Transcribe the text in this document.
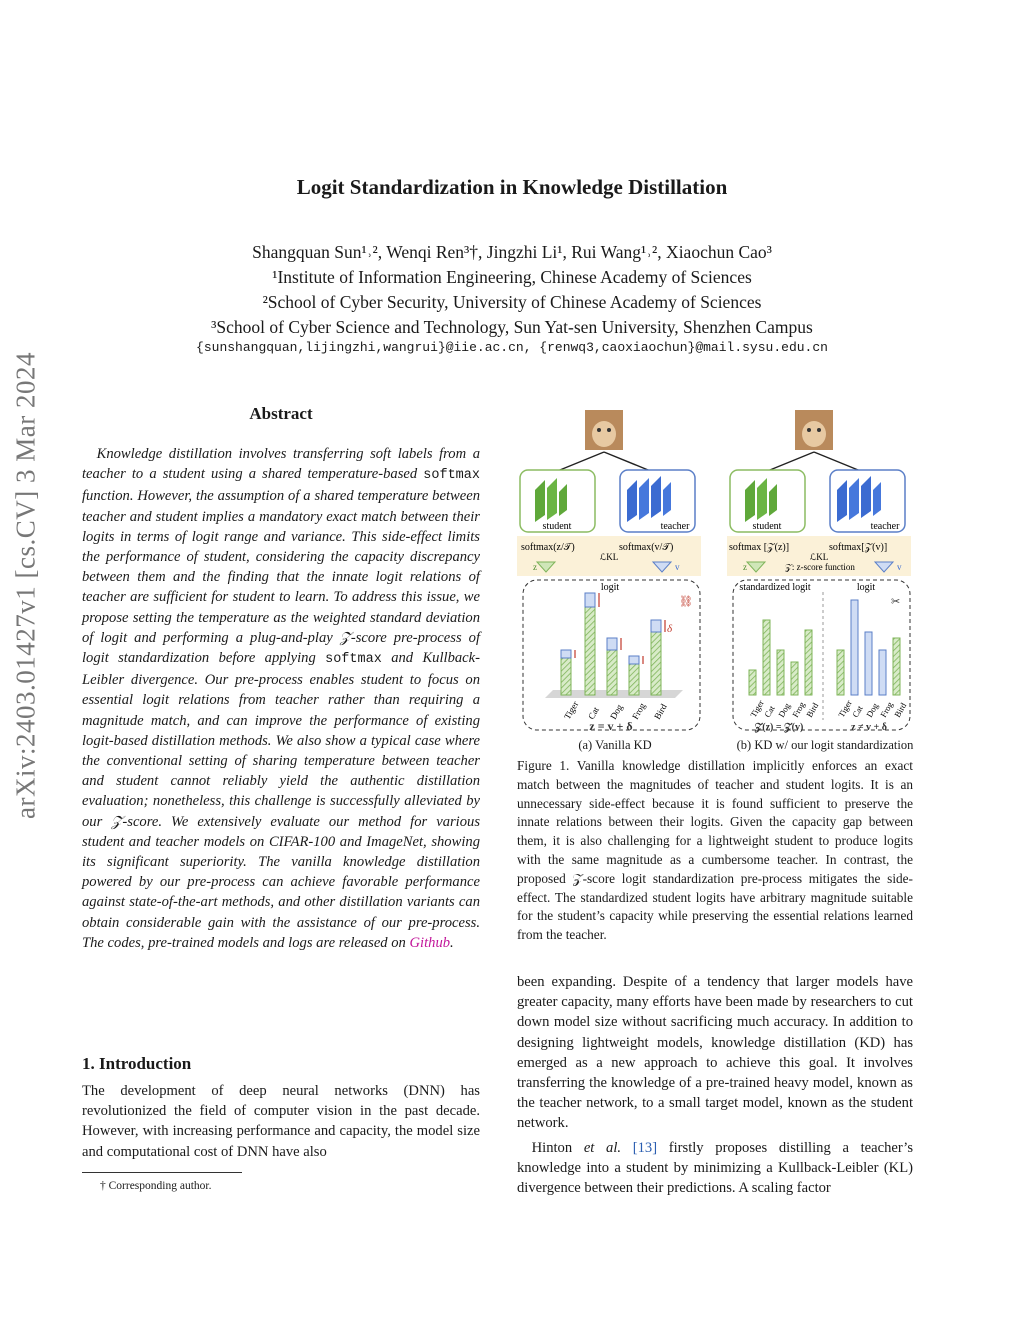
arXiv:2403.01427v1 [cs.CV] 3 Mar 2024
Logit Standardization in Knowledge Distillation
Shangquan Sun¹˒², Wenqi Ren³†, Jingzhi Li¹, Rui Wang¹˒², Xiaochun Cao³
¹Institute of Information Engineering, Chinese Academy of Sciences
²School of Cyber Security, University of Chinese Academy of Sciences
³School of Cyber Science and Technology, Sun Yat-sen University, Shenzhen Campus
{sunshangquan,lijingzhi,wangrui}@iie.ac.cn, {renwq3,caoxiaochun}@mail.sysu.edu.cn
Abstract
Knowledge distillation involves transferring soft labels from a teacher to a student using a shared temperature-based softmax function. However, the assumption of a shared temperature between teacher and student implies a mandatory exact match between their logits in terms of logit range and variance. This side-effect limits the performance of student, considering the capacity discrepancy between them and the finding that the innate logit relations of teacher are sufficient for student to learn. To address this issue, we propose setting the temperature as the weighted standard deviation of logit and performing a plug-and-play 𝒵-score pre-process of logit standardization before applying softmax and Kullback-Leibler divergence. Our pre-process enables student to focus on essential logit relations from teacher rather than requiring a magnitude match, and can improve the performance of existing logit-based distillation methods. We also show a typical case where the conventional setting of sharing temperature between teacher and student cannot reliably yield the authentic distillation evaluation; nonetheless, this challenge is successfully alleviated by our 𝒵-score. We extensively evaluate our method for various student and teacher models on CIFAR-100 and ImageNet, showing its significant superiority. The vanilla knowledge distillation powered by our pre-process can achieve favorable performance against state-of-the-art methods, and other distillation variants can obtain considerable gain with the assistance of our pre-process. The codes, pre-trained models and logs are released on Github.
1. Introduction
The development of deep neural networks (DNN) has revolutionized the field of computer vision in the past decade. However, with increasing performance and capacity, the model size and computational cost of DNN have also
† Corresponding author.

been expanding. Despite of a tendency that larger models have greater capacity, many efforts have been made by researchers to cut down model size without sacrificing much accuracy. In addition to designing lightweight models, knowledge distillation (KD) has emerged as a new approach to achieve this goal. It involves transferring the knowledge of a pre-trained heavy model, known as the teacher network, to a small target model, known as the student network.

Hinton et al. [13] firstly proposes distilling a teacher’s knowledge into a student by minimizing a Kullback-Leibler (KL) divergence between their predictions. A scaling factor

student	teacher
softmax(z/𝒯)	softmax(v/𝒯)
ℒKL
z	v
logit
δ
⛓
Tiger Cat Dog Frog Bird
z = v + δ
student	teacher
softmax [𝒵(z)]	softmax[𝒵(v)]
ℒKL
z	𝒵: z-score function	v
standardized logit	logit
✂
Tiger
Cat Dog
Frog
Bird Tiger
Cat Dog
Frog
Bird
𝒵(z) = 𝒵(v)	z ≠ v + δ
(a) Vanilla KD	(b) KD w/ our logit standardization
Figure 1. Vanilla knowledge distillation implicitly enforces an exact match between the magnitudes of teacher and student logits. It is an unnecessary side-effect because it is found sufficient to preserve the innate relations between their logits. Given the capacity gap between them, it is also challenging for a lightweight student to produce logits with the same magnitude as a cumbersome teacher. In contrast, the proposed 𝒵-score logit standardization pre-process mitigates the side-effect. The standardized student logits have arbitrary magnitude suitable for the student’s capacity while preserving the essential relations learned from the teacher.
